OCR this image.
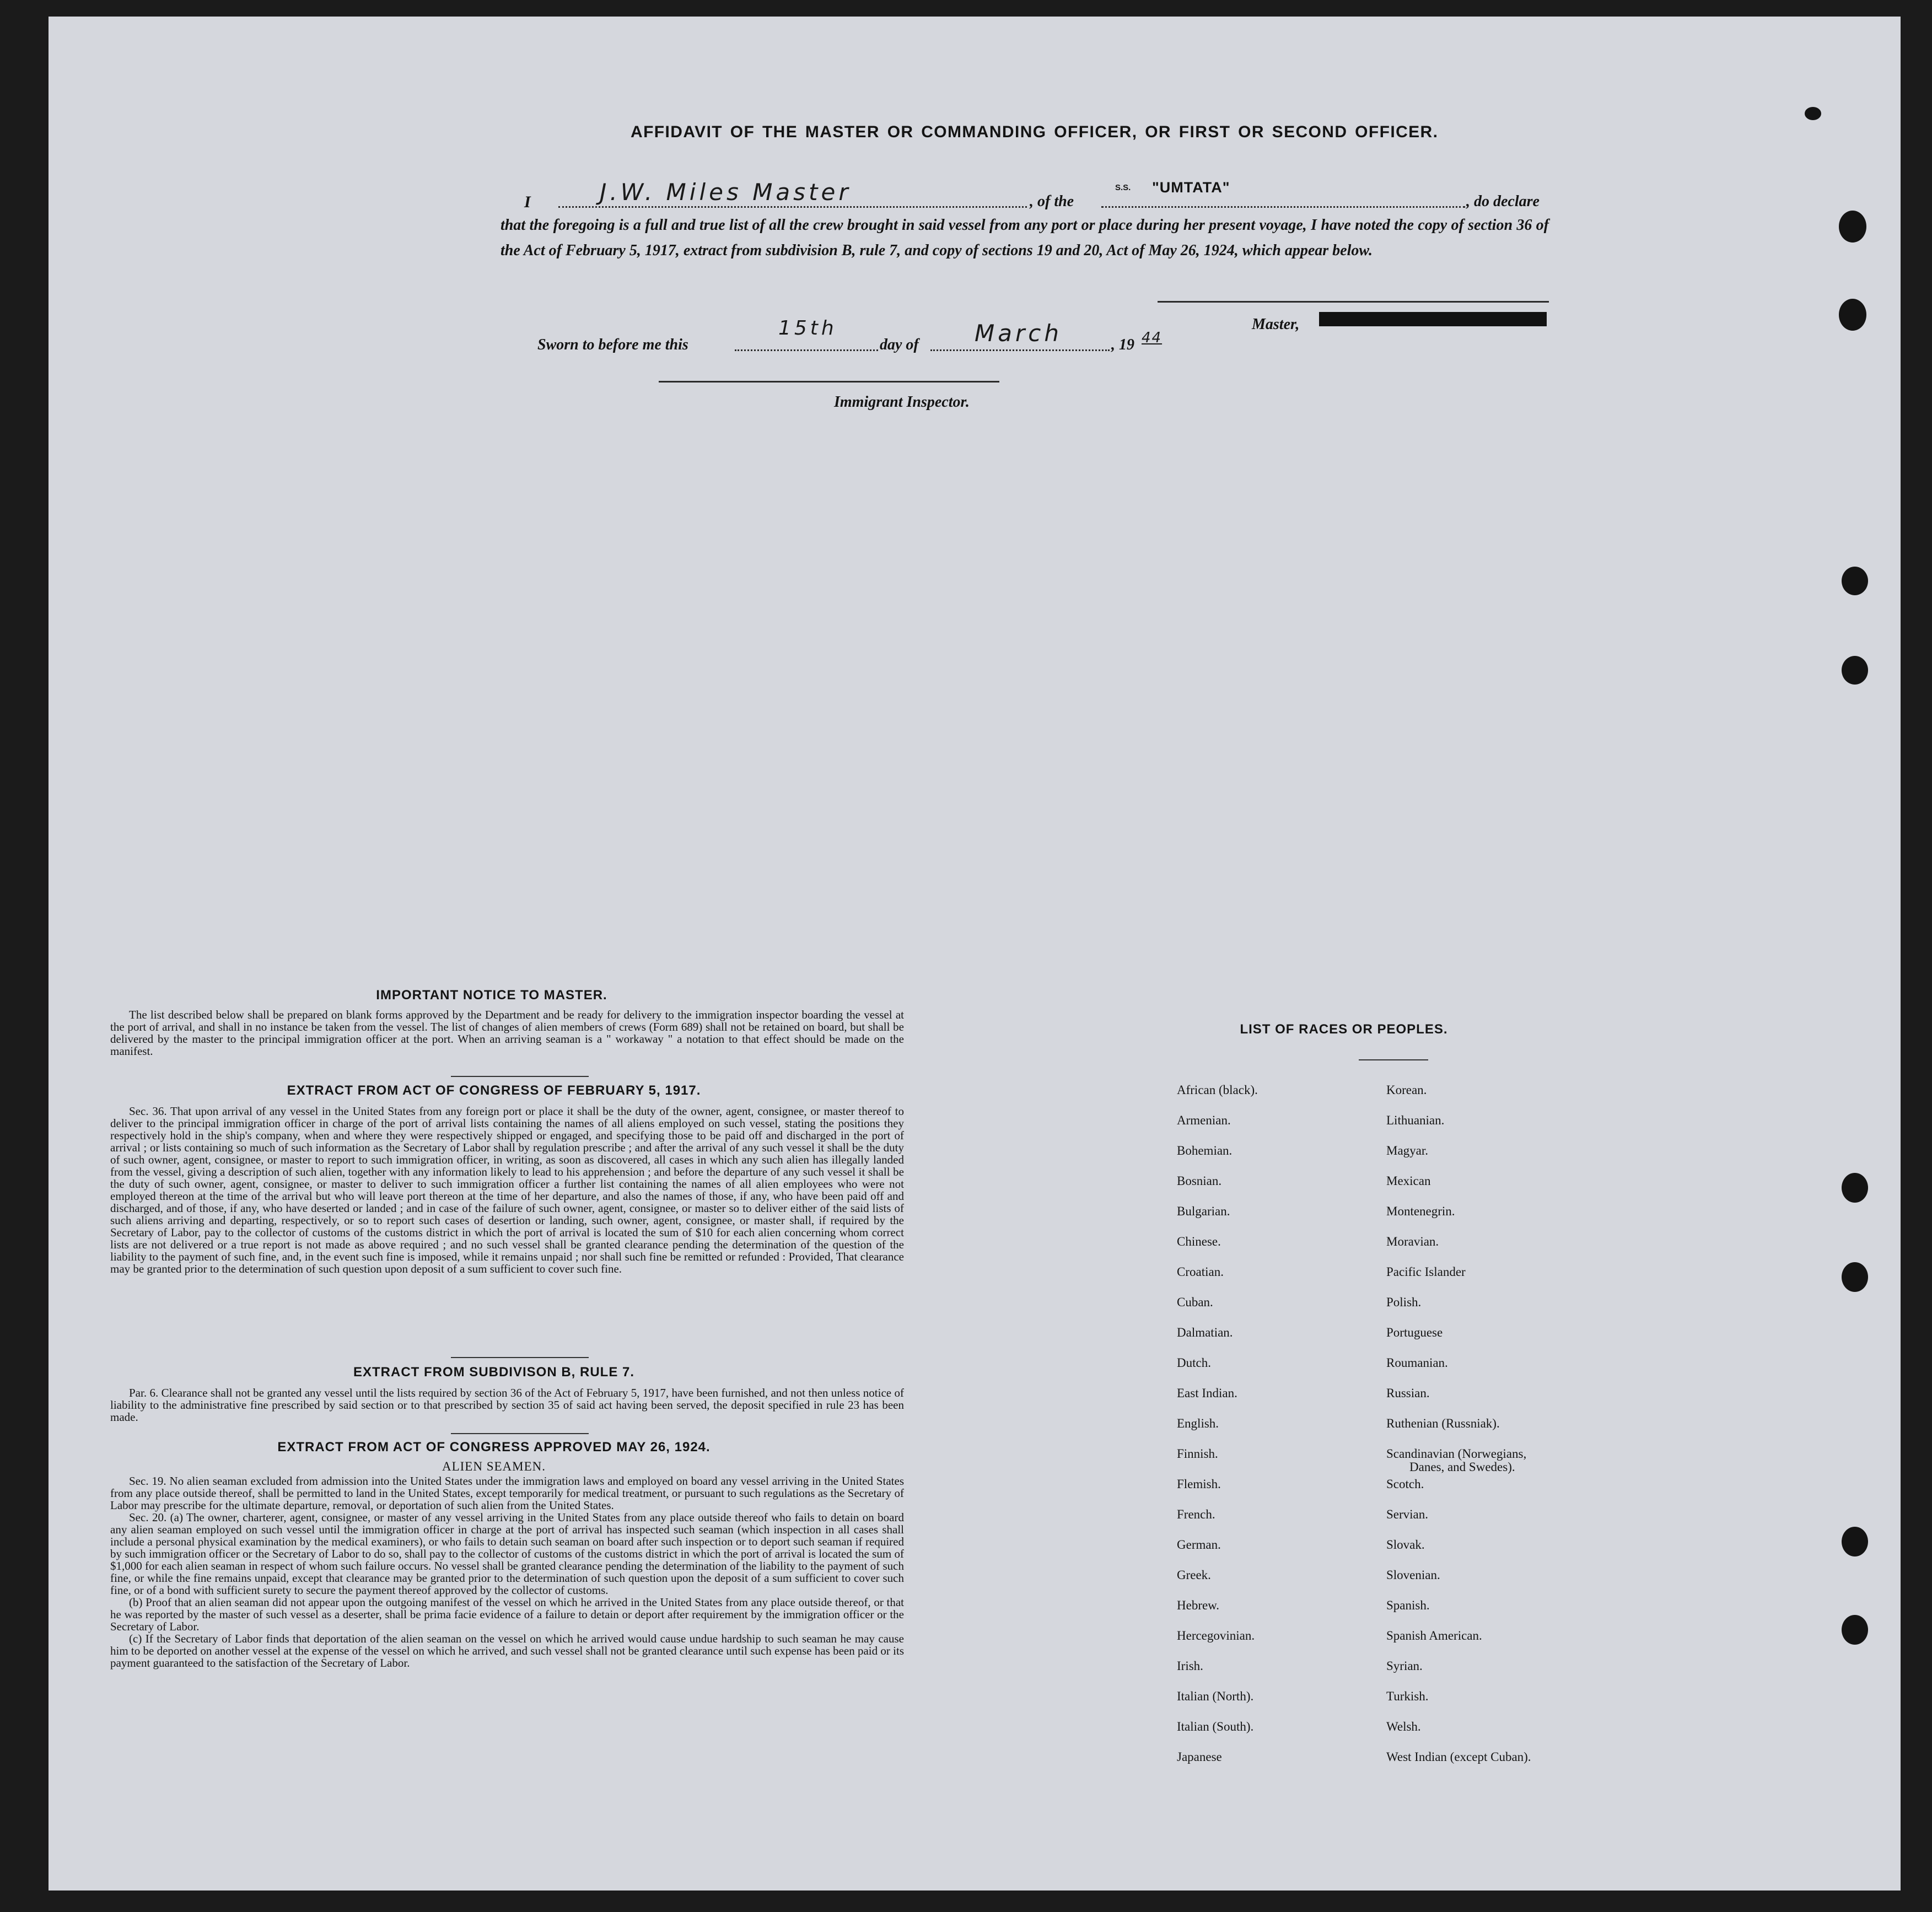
AFFIDAVIT OF THE MASTER OR COMMANDING OFFICER, OR FIRST OR SECOND OFFICER.
I	J.W. Miles Master	, of the
S.S. "UMTATA"
, do declare
that the foregoing is a full and true list of all the crew brought in said vessel from any port or place during her present voyage, I have noted the copy of section 36 of the Act of February 5, 1917, extract from subdivision B, rule 7, and copy of sections 19 and 20, Act of May 26, 1924, which appear below.
Master,
Sworn to before me this
15th
day of March	, 19 44
Immigrant Inspector.
IMPORTANT NOTICE TO MASTER.
The list described below shall be prepared on blank forms approved by the Department and be ready for delivery to the immigration inspector boarding the vessel at the port of arrival, and shall in no instance be taken from the vessel. The list of changes of alien members of crews (Form 689) shall not be retained on board, but shall be delivered by the master to the principal immigration officer at the port. When an arriving seaman is a " workaway " a notation to that effect should be made on the manifest.
EXTRACT FROM ACT OF CONGRESS OF FEBRUARY 5, 1917.
Sec. 36. That upon arrival of any vessel in the United States from any foreign port or place it shall be the duty of the owner, agent, consignee, or master thereof to deliver to the principal immigration officer in charge of the port of arrival lists containing the names of all aliens employed on such vessel, stating the positions they respectively hold in the ship's company, when and where they were respectively shipped or engaged, and specifying those to be paid off and discharged in the port of arrival ; or lists containing so much of such information as the Secretary of Labor shall by regulation prescribe ; and after the arrival of any such vessel it shall be the duty of such owner, agent, consignee, or master to report to such immigration officer, in writing, as soon as discovered, all cases in which any such alien has illegally landed from the vessel, giving a description of such alien, together with any information likely to lead to his apprehension ; and before the departure of any such vessel it shall be the duty of such owner, agent, consignee, or master to deliver to such immigration officer a further list containing the names of all alien employees who were not employed thereon at the time of the arrival but who will leave port thereon at the time of her departure, and also the names of those, if any, who have been paid off and discharged, and of those, if any, who have deserted or landed ; and in case of the failure of such owner, agent, consignee, or master so to deliver either of the said lists of such aliens arriving and departing, respectively, or so to report such cases of desertion or landing, such owner, agent, consignee, or master shall, if required by the Secretary of Labor, pay to the collector of customs of the customs district in which the port of arrival is located the sum of $10 for each alien concerning whom correct lists are not delivered or a true report is not made as above required ; and no such vessel shall be granted clearance pending the determination of the question of the liability to the payment of such fine, and, in the event such fine is imposed, while it remains unpaid ; nor shall such fine be remitted or refunded : Provided, That clearance may be granted prior to the determination of such question upon deposit of a sum sufficient to cover such fine.
EXTRACT FROM SUBDIVISON B, RULE 7.
Par. 6. Clearance shall not be granted any vessel until the lists required by section 36 of the Act of February 5, 1917, have been furnished, and not then unless notice of liability to the administrative fine prescribed by said section or to that prescribed by section 35 of said act having been served, the deposit specified in rule 23 has been made.
EXTRACT FROM ACT OF CONGRESS APPROVED MAY 26, 1924.
ALIEN SEAMEN.

Sec. 19. No alien seaman excluded from admission into the United States under the immigration laws and employed on board any vessel arriving in the United States from any place outside thereof, shall be permitted to land in the United States, except temporarily for medical treatment, or pursuant to such regulations as the Secretary of Labor may prescribe for the ultimate departure, removal, or deportation of such alien from the United States.

Sec. 20. (a) The owner, charterer, agent, consignee, or master of any vessel arriving in the United States from any place outside thereof who fails to detain on board any alien seaman employed on such vessel until the immigration officer in charge at the port of arrival has inspected such seaman (which inspection in all cases shall include a personal physical examination by the medical examiners), or who fails to detain such seaman on board after such inspection or to deport such seaman if required by such immigration officer or the Secretary of Labor to do so, shall pay to the collector of customs of the customs district in which the port of arrival is located the sum of $1,000 for each alien seaman in respect of whom such failure occurs. No vessel shall be granted clearance pending the determination of the liability to the payment of such fine, or while the fine remains unpaid, except that clearance may be granted prior to the determination of such question upon the deposit of a sum sufficient to cover such fine, or of a bond with sufficient surety to secure the payment thereof approved by the collector of customs.

(b) Proof that an alien seaman did not appear upon the outgoing manifest of the vessel on which he arrived in the United States from any place outside thereof, or that he was reported by the master of such vessel as a deserter, shall be prima facie evidence of a failure to detain or deport after requirement by the immigration officer or the Secretary of Labor.

(c) If the Secretary of Labor finds that deportation of the alien seaman on the vessel on which he arrived would cause undue hardship to such seaman he may cause him to be deported on another vessel at the expense of the vessel on which he arrived, and such vessel shall not be granted clearance until such expense has been paid or its payment guaranteed to the satisfaction of the Secretary of Labor.

LIST OF RACES OR PEOPLES.
African (black).
Armenian.
Bohemian.
Bosnian.
Bulgarian.
Chinese.
Croatian.
Cuban.
Dalmatian.
Dutch.
East Indian.
English.
Finnish.
Flemish.
French.
German.
Greek.
Hebrew.
Hercegovinian.
Irish.
Italian (North).
Italian (South).
Japanese
Korean.
Lithuanian.
Magyar.
Mexican
Montenegrin.
Moravian.
Pacific Islander
Polish.
Portuguese
Roumanian.
Russian.
Ruthenian (Russniak).
Scandinavian (Norwegians,
Danes, and Swedes).
Scotch.
Servian.
Slovak.
Slovenian.
Spanish.
Spanish American.
Syrian.
Turkish.
Welsh.
West Indian (except Cuban).
